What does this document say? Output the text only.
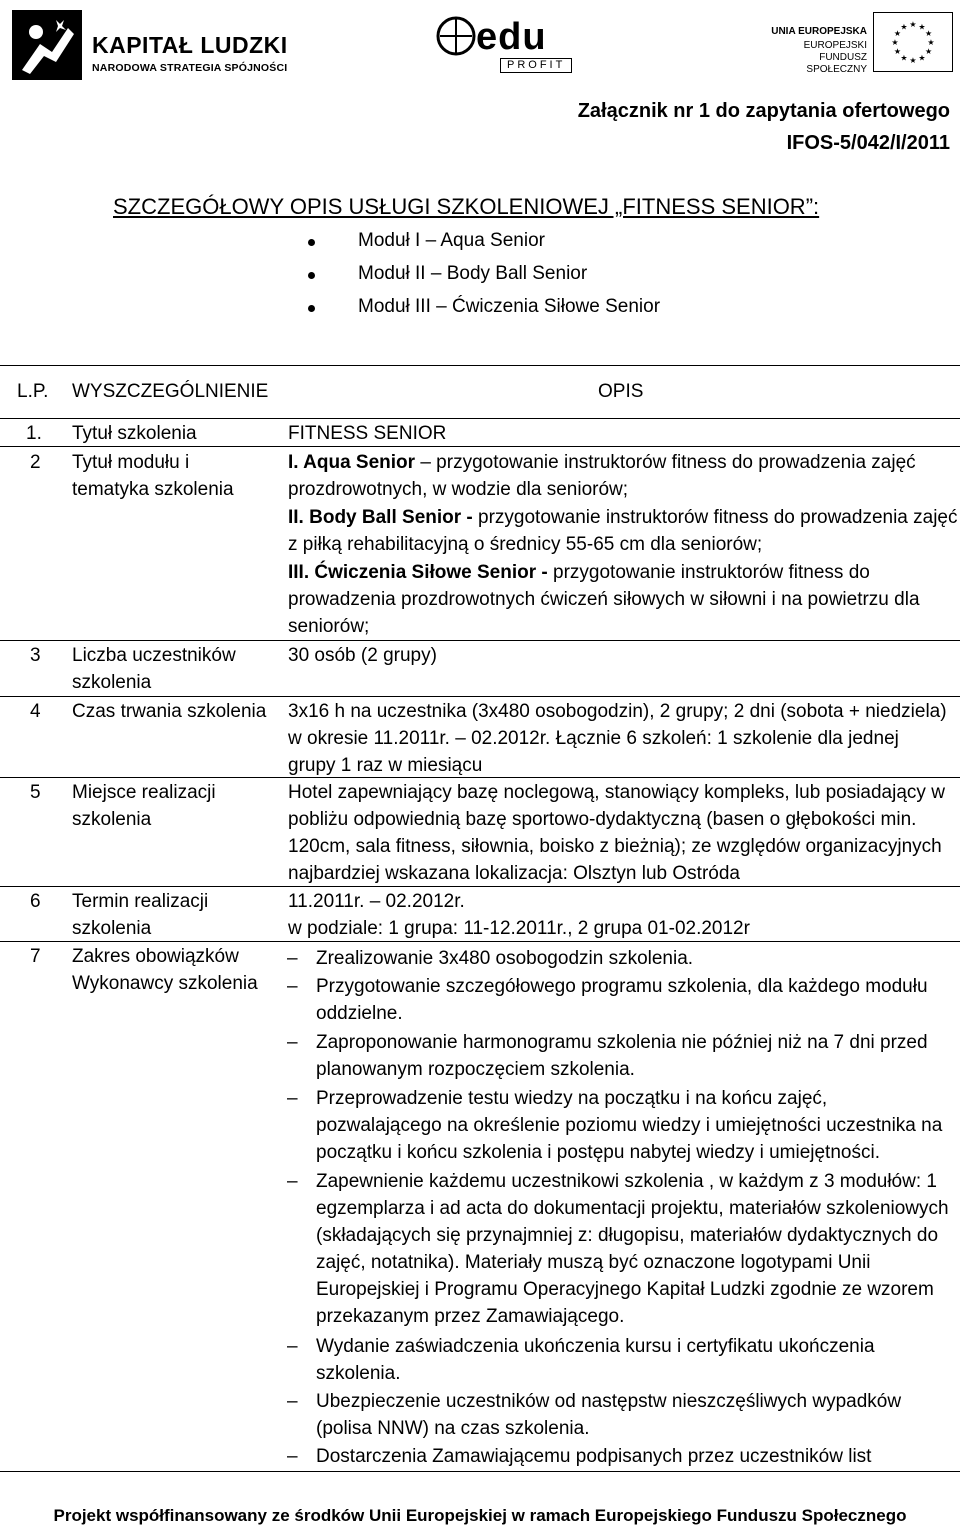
KAPITAŁ LUDZKI
NARODOWA STRATEGIA SPÓJNOŚCI
edu
PROFIT
UNIA EUROPEJSKA
EUROPEJSKI
FUNDUSZ SPOŁECZNY
★
★
★
★
★
★
★
★
★ ★ ★
★
Załącznik nr 1 do zapytania ofertowego
IFOS-5/042/I/2011
SZCZEGÓŁOWY OPIS USŁUGI SZKOLENIOWEJ „FITNESS SENIOR”:
Moduł I – Aqua Senior
Moduł II – Body Ball Senior
Moduł III – Ćwiczenia Siłowe Senior
L.P. WYSZCZEGÓLNIENIE	OPIS
1. Tytuł szkolenia	FITNESS SENIOR
2 Tytuł modułu i tematyka szkolenia
I. Aqua Senior – przygotowanie instruktorów fitness do prowadzenia zajęć prozdrowotnych, w wodzie dla seniorów;
II. Body Ball Senior - przygotowanie instruktorów fitness do prowadzenia zajęć z piłką rehabilitacyjną o średnicy 55-65 cm dla seniorów;
III. Ćwiczenia Siłowe Senior - przygotowanie instruktorów fitness do prowadzenia prozdrowotnych ćwiczeń siłowych w siłowni i na powietrzu dla seniorów;
3 Liczba uczestników szkolenia
30 osób (2 grupy)
4 Czas trwania szkolenia 3x16 h na uczestnika (3x480 osobogodzin), 2 grupy; 2 dni (sobota + niedziela) w okresie 11.2011r. – 02.2012r. Łącznie 6 szkoleń: 1 szkolenie dla jednej grupy 1 raz w miesiącu
5 Miejsce realizacji szkolenia
Hotel zapewniający bazę noclegową, stanowiący kompleks, lub posiadający w pobliżu odpowiednią bazę sportowo-dydaktyczną (basen o głębokości min. 120cm, sala fitness, siłownia, boisko z bieżnią); ze względów organizacyjnych najbardziej wskazana lokalizacja: Olsztyn lub Ostróda
6 Termin realizacji szkolenia
11.2011r. – 02.2012r.
w podziale: 1 grupa: 11-12.2011r., 2 grupa 01-02.2012r
7 Zakres obowiązków Wykonawcy szkolenia
– Zrealizowanie 3x480 osobogodzin szkolenia.
– Przygotowanie szczegółowego programu szkolenia, dla każdego modułu oddzielne.
– Zaproponowanie harmonogramu szkolenia nie później niż na 7 dni przed planowanym rozpoczęciem szkolenia.
– Przeprowadzenie testu wiedzy na początku i na końcu zajęć, pozwalającego na określenie poziomu wiedzy i umiejętności uczestnika na początku i końcu szkolenia i postępu nabytej wiedzy i umiejętności.
– Zapewnienie każdemu uczestnikowi szkolenia , w każdym z 3 modułów: 1 egzemplarza i ad acta do dokumentacji projektu, materiałów szkoleniowych (składających się przynajmniej z: długopisu, materiałów dydaktycznych do zajęć, notatnika). Materiały muszą być oznaczone logotypami Unii Europejskiej i Programu Operacyjnego Kapitał Ludzki zgodnie ze wzorem przekazanym przez Zamawiającego.
– Wydanie zaświadczenia ukończenia kursu i certyfikatu ukończenia szkolenia.
– Ubezpieczenie uczestników od następstw nieszczęśliwych wypadków (polisa NNW) na czas szkolenia.
– Dostarczenia Zamawiającemu podpisanych przez uczestników list
Projekt współfinansowany ze środków Unii Europejskiej w ramach Europejskiego Funduszu Społecznego
